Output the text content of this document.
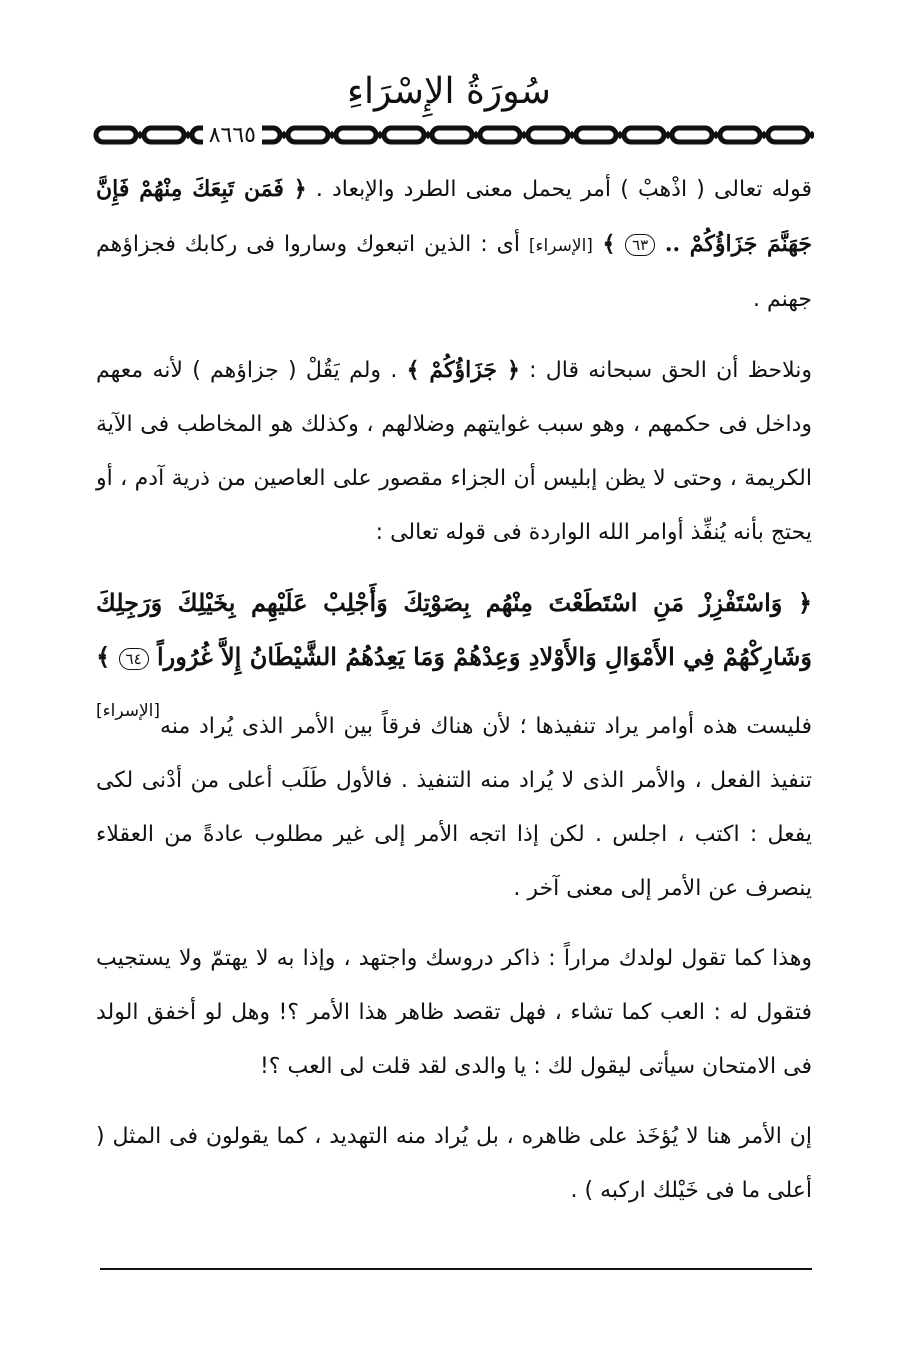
سُورَةُ الإِسْرَاءِ
٨٦٦٥

قوله تعالى ( اذْهبْ ) أمر يحمل معنى الطرد والإبعاد . ﴿ فَمَن تَبِعَكَ مِنْهُمْ فَإِنَّ جَهَنَّمَ جَزَاؤُكُمْ .. ٦٣ ﴾ [الإسراء] أى : الذين اتبعوك وساروا فى ركابك فجزاؤهم جهنم .

ونلاحظ أن الحق سبحانه قال : ﴿ جَزَاؤُكُمْ ﴾ . ولم يَقُلْ ( جزاؤهم ) لأنه معهم وداخل فى حكمهم ، وهو سبب غوايتهم وضلالهم ، وكذلك هو المخاطب فى الآية الكريمة ، وحتى لا يظن إبليس أن الجزاء مقصور على العاصين من ذرية آدم ، أو يحتج بأنه يُنفِّذ أوامر الله الواردة فى قوله تعالى :

﴿ وَاسْتَفْزِزْ مَنِ اسْتَطَعْتَ مِنْهُم بِصَوْتِكَ وَأَجْلِبْ عَلَيْهِم بِخَيْلِكَ وَرَجِلِكَ وَشَارِكْهُمْ فِي الأَمْوَالِ وَالأَوْلادِ وَعِدْهُمْ وَمَا يَعِدُهُمُ الشَّيْطَانُ إِلاَّ غُرُوراً ٦٤ ﴾
[الإسراء]

فليست هذه أوامر يراد تنفيذها ؛ لأن هناك فرقاً بين الأمر الذى يُراد منه تنفيذ الفعل ، والأمر الذى لا يُراد منه التنفيذ . فالأول طَلَب أعلى من أدْنى لكى يفعل : اكتب ، اجلس . لكن إذا اتجه الأمر إلى غير مطلوب عادةً من العقلاء ينصرف عن الأمر إلى معنى آخر .

وهذا كما تقول لولدك مراراً : ذاكر دروسك واجتهد ، وإذا به لا يهتمّ ولا يستجيب فتقول له : العب كما تشاء ، فهل تقصد ظاهر هذا الأمر ؟! وهل لو أخفق الولد فى الامتحان سيأتى ليقول لك : يا والدى لقد قلت لى العب ؟!

إن الأمر هنا لا يُؤخَذ على ظاهره ، بل يُراد منه التهديد ، كما يقولون فى المثل ( أعلى ما فى خَيْلك اركبه ) .
